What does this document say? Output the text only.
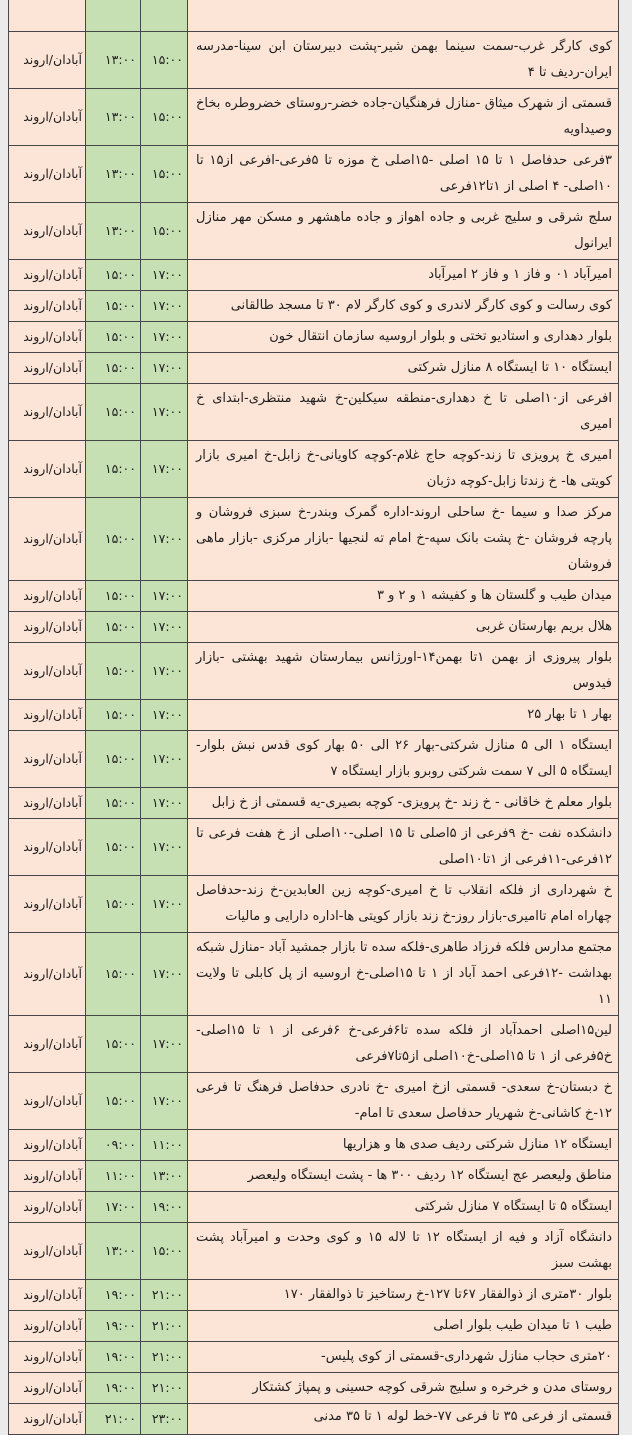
آبادان/اروند	۱۳:۰۰	۱۵:۰۰	کوی کارگر غرب-سمت سینما بهمن شیر-پشت دبیرستان ابن سینا-مدرسه ایران-ردیف تا ۴
آبادان/اروند	۱۳:۰۰	۱۵:۰۰	قسمتی از شهرک میثاق -منازل فرهنگیان-جاده خضر-روستای خضروطره بخاخ وصیداویه
آبادان/اروند	۱۳:۰۰	۱۵:۰۰	۳فرعی حدفاصل ۱ تا ۱۵ اصلی -۱۵اصلی خ موزه تا ۵فرعی-افرعی از۱۵ تا ۱۰اصلی- ۴ اصلی از ۱تا۱۲فرعی
آبادان/اروند	۱۳:۰۰	۱۵:۰۰	سلج شرقی و سلیج غربی و جاده اهواز و جاده ماهشهر و مسکن مهر منازل ایرانول
آبادان/اروند	۱۵:۰۰	۱۷:۰۰	امیرآباد ۰۱ و فاز ۱ و فاز ۲ امیرآباد
آبادان/اروند	۱۵:۰۰	۱۷:۰۰	کوی رسالت و کوی کارگر لاندری و کوی کارگر لام ۳۰ تا مسجد طالقانی
آبادان/اروند	۱۵:۰۰	۱۷:۰۰	بلوار دهداری و استادیو تختی و بلوار اروسیه سازمان انتقال خون
آبادان/اروند	۱۵:۰۰	۱۷:۰۰	ایستگاه ۱۰ تا ایستگاه ۸ منازل شرکتی
آبادان/اروند	۱۵:۰۰	۱۷:۰۰	افرعی از۱۰اصلی تا خ دهداری-منطقه سیکلین-خ شهید منتظری-ابتدای خ امیری
آبادان/اروند	۱۵:۰۰	۱۷:۰۰	امیری خ پرویزی تا زند-کوچه حاج غلام-کوچه کاویانی-خ زابل-خ امیری بازار کویتی ها- خ زندتا زابل-کوچه دژبان
آبادان/اروند	۱۵:۰۰	۱۷:۰۰	مرکز صدا و سیما -خ ساحلی اروند-اداره گمرک وبندر-خ سبزی فروشان و پارچه فروشان -خ پشت بانک سپه-خ امام ته لنجیها -بازار مرکزی -بازار ماهی فروشان
آبادان/اروند	۱۵:۰۰	۱۷:۰۰	میدان طیب و گلستان ها و کفیشه ۱ و ۲ و ۳
آبادان/اروند	۱۵:۰۰	۱۷:۰۰	هلال بریم بهارستان غربی
آبادان/اروند	۱۵:۰۰	۱۷:۰۰	بلوار پیروزی از بهمن ۱تا بهمن۱۴-اورژانس بیمارستان شهید بهشتی -بازار فیدوس
آبادان/اروند	۱۵:۰۰	۱۷:۰۰	بهار ۱ تا بهار ۲۵
آبادان/اروند	۱۵:۰۰	۱۷:۰۰	ایستگاه ۱ الی ۵ منازل شرکتی-بهار ۲۶ الی ۵۰ بهار کوی قدس نبش بلوار-ایستگاه ۵ الی ۷ سمت شرکتی روبرو بازار ایستگاه ۷
آبادان/اروند	۱۵:۰۰	۱۷:۰۰	بلوار معلم خ خاقانی - خ زند -خ پرویزی- کوچه بصیری-یه قسمتی از خ زابل
آبادان/اروند	۱۵:۰۰	۱۷:۰۰	دانشکده نفت -خ ۹فرعی از ۵اصلی تا ۱۵ اصلی-۱۰اصلی از خ هفت فرعی تا ۱۲فرعی-۱۱فرعی از ۱تا۱۰اصلی
آبادان/اروند	۱۵:۰۰	۱۷:۰۰	خ شهرداری از فلکه انقلاب تا خ امیری-کوچه زین العابدین-خ زند-حدفاصل چهاراه امام تاامیری-بازار روز-خ زند بازار کویتی ها-اداره دارایی و مالیات
آبادان/اروند	۱۵:۰۰	۱۷:۰۰	مجتمع مدارس فلکه فرزاد طاهری-فلکه سده تا بازار جمشید آباد -منازل شبکه بهداشت -۱۲فرعی احمد آباد از ۱ تا ۱۵اصلی-خ اروسیه از پل کابلی تا ولایت ۱۱
آبادان/اروند	۱۵:۰۰	۱۷:۰۰	لین۱۵اصلی احمدآباد از فلکه سده تا۶فرعی-خ ۶فرعی از ۱ تا ۱۵اصلی-خ۵فرعی از ۱ تا ۱۵اصلی-خ۱۰اصلی از۵تا۷فرعی
آبادان/اروند	۱۵:۰۰	۱۷:۰۰	خ دبستان-خ سعدی- قسمتی ازخ امیری -خ نادری حدفاصل فرهنگ تا فرعی ۱۲-خ کاشانی-خ شهریار حدفاصل سعدی تا امام-
آبادان/اروند	۰۹:۰۰	۱۱:۰۰	ایستگاه ۱۲ منازل شرکتی ردیف صدی ها و هزاریها
آبادان/اروند	۱۱:۰۰	۱۳:۰۰	مناطق ولیعصر عج ایستگاه ۱۲ ردیف ۳۰۰ ها - پشت ایستگاه ولیعصر
آبادان/اروند	۱۷:۰۰	۱۹:۰۰	ایستگاه ۵ تا ایستگاه ۷ منازل شرکتی
آبادان/اروند	۱۳:۰۰	۱۵:۰۰	دانشگاه آزاد و فیه از ایستگاه ۱۲ تا لاله ۱۵ و کوی وحدت و امیرآباد پشت بهشت سبز
آبادان/اروند	۱۹:۰۰	۲۱:۰۰	بلوار ۳۰متری از ذوالفقار ۶۷تا ۱۲۷-خ رستاخیز تا ذوالفقار ۱۷۰
آبادان/اروند	۱۹:۰۰	۲۱:۰۰	طیب ۱ تا میدان طیب بلوار اصلی
آبادان/اروند	۱۹:۰۰	۲۱:۰۰	۲۰متری حجاب منازل شهرداری-قسمتی از کوی پلیس-
آبادان/اروند	۱۹:۰۰	۲۱:۰۰	روستای مدن و خرخره و سلیج شرقی کوچه حسینی و پمپاژ کشتکار
آبادان/اروند	۲۱:۰۰	۲۳:۰۰	قسمتی از فرعی ۳۵ تا فرعی ۷۷-خط لوله ۱ تا ۳۵ مدنی
